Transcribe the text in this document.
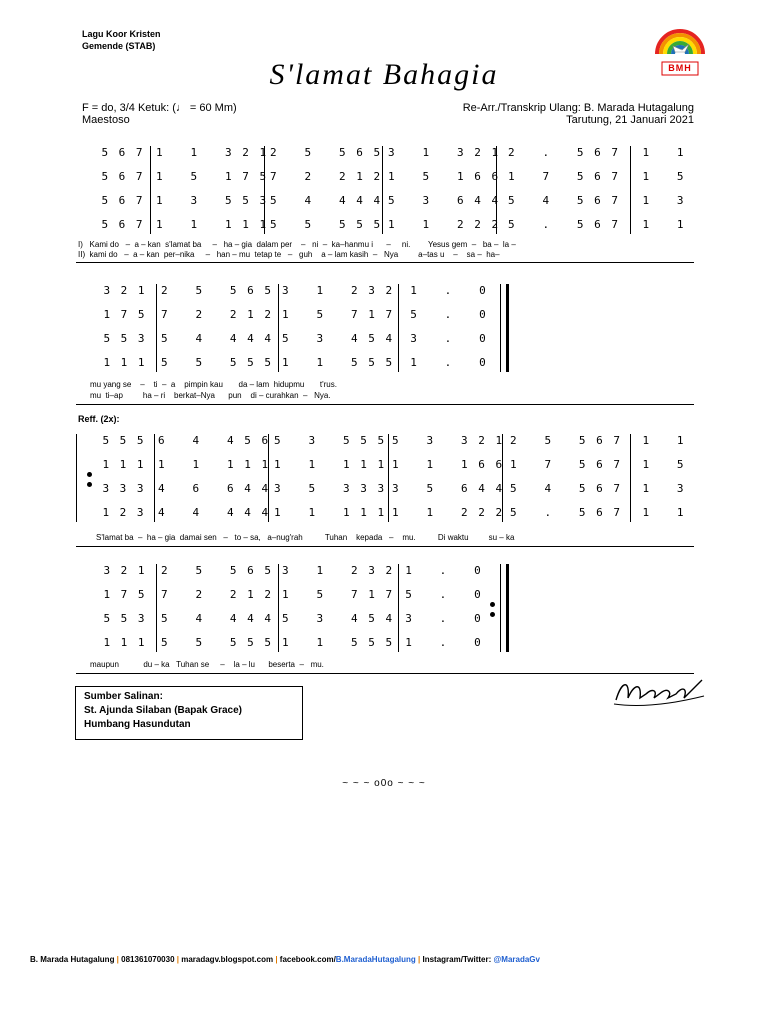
Lagu Koor Kristen
Gemende (STAB)
BMH
S'lamat Bahagia
F = do, 3/4 Ketuk: (♩ = 60 Mm)
Maestoso
Re-Arr./Transkrip Ulang: B. Marada Hutagalung
Tarutung, 21 Januari 2021
5 6 7	1   1   3 2 1 2   5   5 6 5 3   1   3 2 1 2   .   5 6 7	1   1
5 6 7	1   5   1 7 5 7   2   2 1 2 1   5   1 6 6 1   7   5 6 7	1   5
5 6 7	1   3   5 5 3 5   4   4 4 4 5   3   6 4 4 5   4   5 6 7	1   3
5 6 7	1   1   1 1 1 5   5   5 5 5 1   1   2 2 2 5   .   5 6 7	1   1
I)   Kami do   –  a – kan  s'lamat ba     –   ha – gia  dalam per    –   ni  –  ka–hanmu i      –     ni.        Yesus gem  –   ba –  la –
II)  kami do   –  a – kan  per–nika     –   han – mu  tetap te   –   guh    a – lam kasih  –   Nya         a–tas u    –    sa –  ha–
3 2 1	2   5   5 6 5 3   1   2 3 2	1   .   0
1 7 5	7   2   2 1 2 1   5   7 1 7	5   .   0
5 5 3	5   4   4 4 4 5   3   4 5 4	3   .   0
1 1 1	5   5   5 5 5 1   1   5 5 5	1   .   0
mu yang se    –    ti  –  a    pimpin kau       da – lam  hidupmu       t'rus.
mu  ti–ap         ha – ri    berkat–Nya      pun    di – curahkan  –   Nya.
Reff. (2x):
5 5 5	6   4   4 5 6 5   3   5 5 5 5   3   3 2 1 2   5   5 6 7	1   1
1 1 1	1   1   1 1 1 1   1   1 1 1 1   1   1 6 6 1   7   5 6 7	1   5
3 3 3	4   6   6 4 4 3   5   3 3 3 3   5   6 4 4 5   4   5 6 7	1   3
1 2 3	4   4   4 4 4 1   1   1 1 1 1   1   2 2 2 5   .   5 6 7	1   1
S'lamat ba  –  ha – gia  damai sen   –   to – sa,   a–nug'rah          Tuhan    kepada   –    mu.          Di waktu         su – ka
3 2 1	2   5   5 6 5 3   1   2 3 2 1   .   0
1 7 5	7   2   2 1 2 1   5   7 1 7 5   .   0
5 5 3	5   4   4 4 4 5   3   4 5 4 3   .   0
1 1 1	5   5   5 5 5 1   1   5 5 5 1   .   0
maupun           du – ka   Tuhan se     –    la – lu      beserta  –   mu.
Sumber Salinan:
St. Ajunda Silaban (Bapak Grace)
Humbang Hasundutan
~ ~ ~ o0o ~ ~ ~
B. Marada Hutagalung | 081361070030 | maradagv.blogspot.com | facebook.com/B.MaradaHutagalung | Instagram/Twitter: @MaradaGv
